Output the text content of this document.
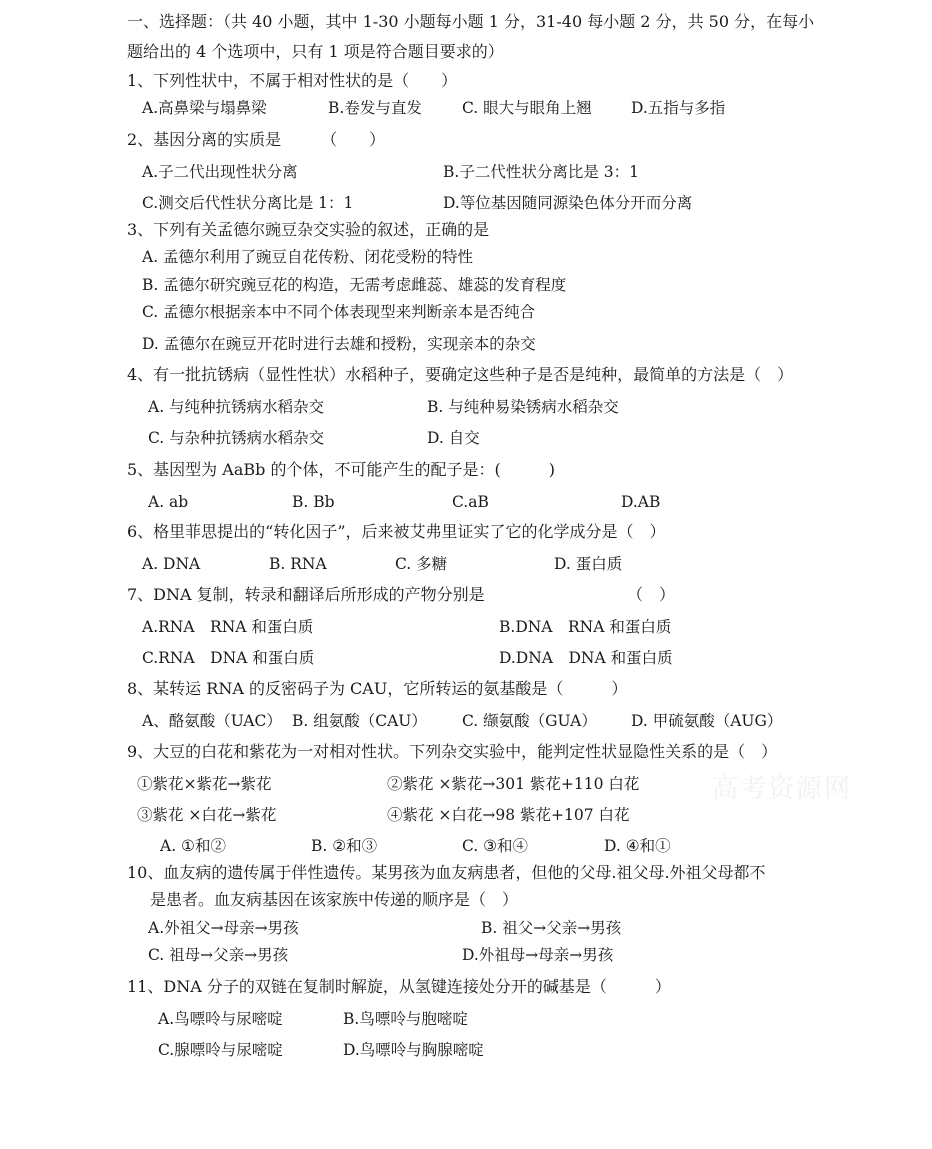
一、选择题：（共 40 小题，其中 1-30 小题每小题 1 分，31-40 每小题 2 分，共 50 分，在每小
题给出的 4 个选项中，只有 1 项是符合题目要求的）
1、下列性状中，不属于相对性状的是（　　）
A.高鼻梁与塌鼻梁	B.卷发与直发	C. 眼大与眼角上翘	D.五指与多指
2、基因分离的实质是　　　（　　）
A.子二代出现性状分离	B.子二代性状分离比是 3：1
C.测交后代性状分离比是 1：1	D.等位基因随同源染色体分开而分离
3、下列有关孟德尔豌豆杂交实验的叙述，正确的是
A. 孟德尔利用了豌豆自花传粉、闭花受粉的特性
B. 孟德尔研究豌豆花的构造，无需考虑雌蕊、雄蕊的发育程度
C. 孟德尔根据亲本中不同个体表现型来判断亲本是否纯合
D. 孟德尔在豌豆开花时进行去雄和授粉，实现亲本的杂交
4、有一批抗锈病（显性性状）水稻种子，要确定这些种子是否是纯种，最简单的方法是（　）
A. 与纯种抗锈病水稻杂交	B. 与纯种易染锈病水稻杂交
C. 与杂种抗锈病水稻杂交	D. 自交
5、基因型为 AaBb 的个体，不可能产生的配子是：(　　　)
A. ab	B. Bb	C.aB	D.AB
6、格里菲思提出的“转化因子”，后来被艾弗里证实了它的化学成分是（　）
A. DNA	B. RNA	C. 多糖	D. 蛋白质
7、DNA 复制，转录和翻译后所形成的产物分别是	（　）
A.RNA　RNA 和蛋白质	B.DNA　RNA 和蛋白质
C.RNA　DNA 和蛋白质	D.DNA　DNA 和蛋白质
8、某转运 RNA 的反密码子为 CAU，它所转运的氨基酸是（　　　）
A、酪氨酸（UAC） B. 组氨酸（CAU） C. 缬氨酸（GUA） D. 甲硫氨酸（AUG）
9、大豆的白花和紫花为一对相对性状。下列杂交实验中，能判定性状显隐性关系的是（　）
①紫花×紫花→紫花	②紫花 ×紫花→301 紫花+110 白花
③紫花 ×白花→紫花	④紫花 ×白花→98 紫花+107 白花
A. ①和②	B. ②和③	C. ③和④	D. ④和①
10、血友病的遗传属于伴性遗传。某男孩为血友病患者，但他的父母.祖父母.外祖父母都不
是患者。血友病基因在该家族中传递的顺序是（　）
A.外祖父→母亲→男孩	B. 祖父→父亲→男孩
C. 祖母→父亲→男孩	D.外祖母→母亲→男孩
11、DNA 分子的双链在复制时解旋，从氢键连接处分开的碱基是（　　　）
A.鸟嘌呤与尿嘧啶	B.鸟嘌呤与胞嘧啶
C.腺嘌呤与尿嘧啶	D.鸟嘌呤与胸腺嘧啶
高考资源网
